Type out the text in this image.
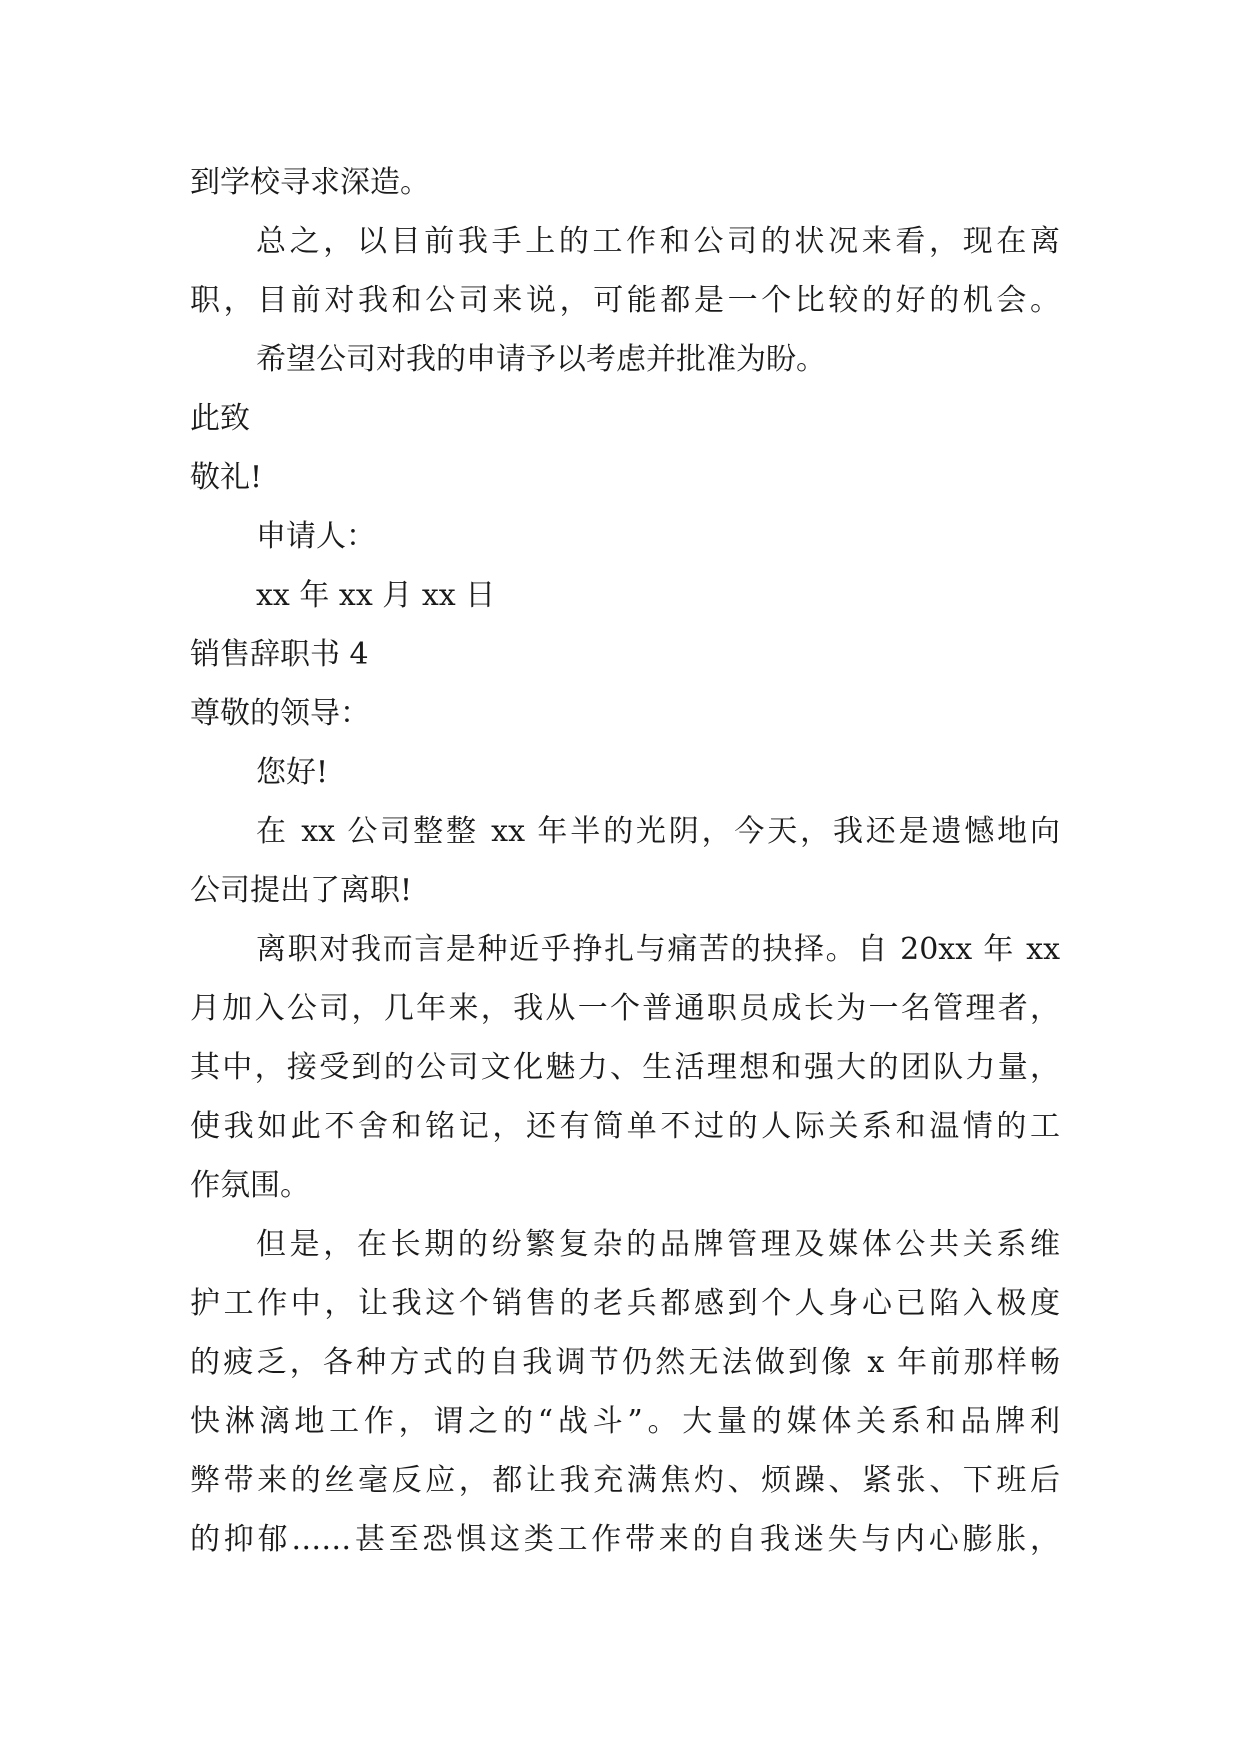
到学校寻求深造。
总之，以目前我手上的工作和公司的状况来看，现在离
职，目前对我和公司来说，可能都是一个比较的好的机会。
希望公司对我的申请予以考虑并批准为盼。
此致
敬礼!
申请人：
xx 年 xx 月 xx 日
销售辞职书 4
尊敬的领导：
您好!
在 xx 公司整整 xx 年半的光阴，今天，我还是遗憾地向
公司提出了离职!
离职对我而言是种近乎挣扎与痛苦的抉择。自 20xx 年 xx
月加入公司，几年来，我从一个普通职员成长为一名管理者，
其中，接受到的公司文化魅力、生活理想和强大的团队力量，
使我如此不舍和铭记，还有简单不过的人际关系和温情的工
作氛围。
但是，在长期的纷繁复杂的品牌管理及媒体公共关系维
护工作中，让我这个销售的老兵都感到个人身心已陷入极度
的疲乏，各种方式的自我调节仍然无法做到像 x 年前那样畅
快淋漓地工作，谓之的“战斗”。大量的媒体关系和品牌利
弊带来的丝毫反应，都让我充满焦灼、烦躁、紧张、下班后
的抑郁……甚至恐惧这类工作带来的自我迷失与内心膨胀，
